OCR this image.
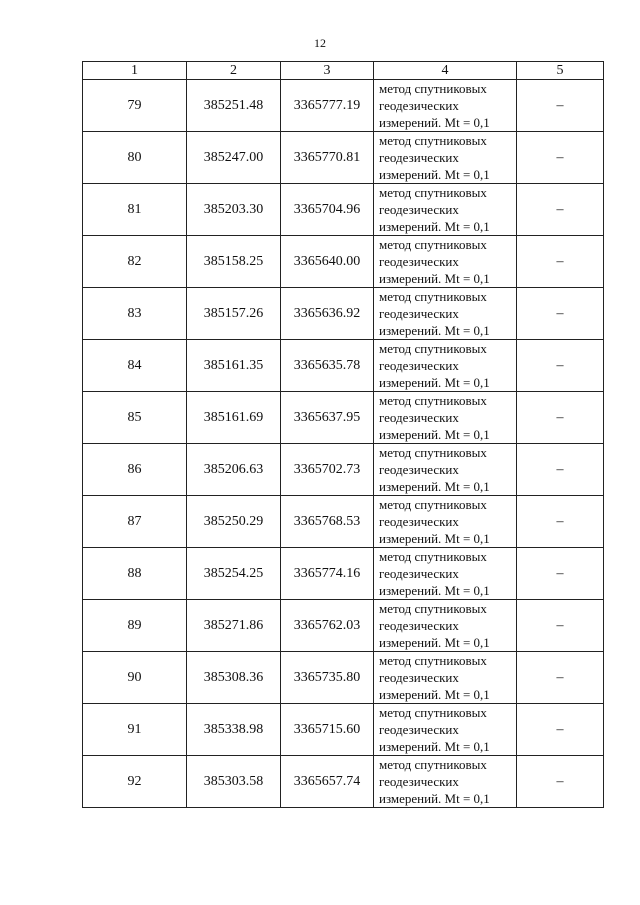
12
1	2	3	4	5
79	385251.48	3365777.19	метод спутниковых
геодезических
измерений. Mt = 0,1	–
80	385247.00	3365770.81	метод спутниковых
геодезических
измерений. Mt = 0,1	–
81	385203.30	3365704.96	метод спутниковых
геодезических
измерений. Mt = 0,1	–
82	385158.25	3365640.00	метод спутниковых
геодезических
измерений. Mt = 0,1	–
83	385157.26	3365636.92	метод спутниковых
геодезических
измерений. Mt = 0,1	–
84	385161.35	3365635.78	метод спутниковых
геодезических
измерений. Mt = 0,1	–
85	385161.69	3365637.95	метод спутниковых
геодезических
измерений. Mt = 0,1	–
86	385206.63	3365702.73	метод спутниковых
геодезических
измерений. Mt = 0,1	–
87	385250.29	3365768.53	метод спутниковых
геодезических
измерений. Mt = 0,1	–
88	385254.25	3365774.16	метод спутниковых
геодезических
измерений. Mt = 0,1	–
89	385271.86	3365762.03	метод спутниковых
геодезических
измерений. Mt = 0,1	–
90	385308.36	3365735.80	метод спутниковых
геодезических
измерений. Mt = 0,1	–
91	385338.98	3365715.60	метод спутниковых
геодезических
измерений. Mt = 0,1	–
92	385303.58	3365657.74	метод спутниковых
геодезических
измерений. Mt = 0,1	–
